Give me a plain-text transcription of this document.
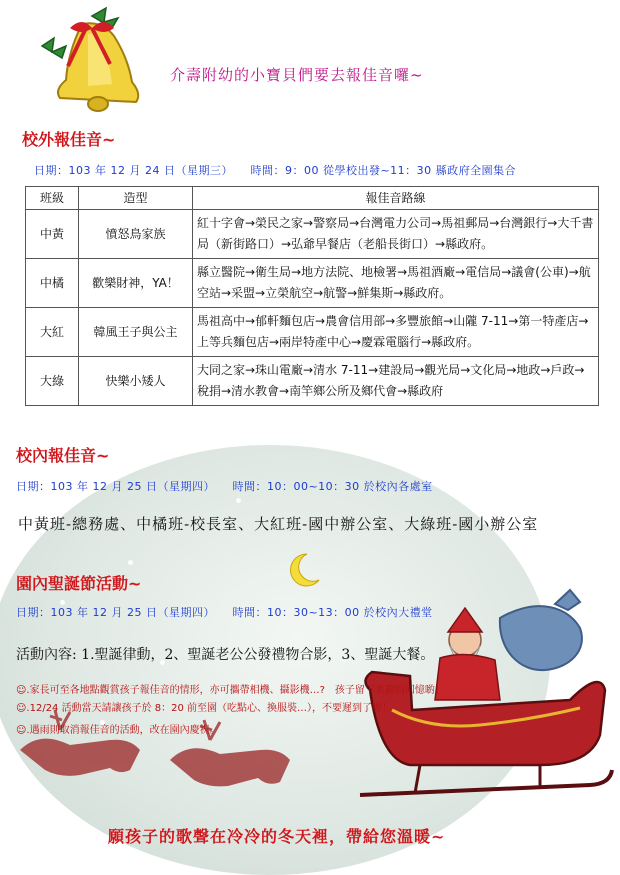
介壽附幼的小寶貝們要去報佳音囉~
校外報佳音~
日期：103 年 12 月 24 日（星期三）　　時間：9：00 從學校出發~11：30 縣政府全園集合
班級	造型	報佳音路線
中黃	憤怒鳥家族	紅十字會→榮民之家→警察局→台灣電力公司→馬祖郵局→台灣銀行→大千書局（新街路口）→弘爺早餐店（老船長街口）→縣政府。
中橘	歡樂財神，YA！	縣立醫院→衛生局→地方法院、地檢署→馬祖酒廠→電信局→議會(公車)→航空站→采盟→立榮航空→航警→鮮集斯→縣政府。
大紅	韓風王子與公主	馬祖高中→郁軒麵包店→農會信用部→多豐旅館→山隴 7-11→第一特產店→上等兵麵包店→兩岸特產中心→慶霖電腦行→縣政府。
大綠	快樂小矮人	大同之家→珠山電廠→清水 7-11→建設局→觀光局→文化局→地政→戶政→稅捐→清水教會→南竿鄉公所及鄉代會→縣政府
校內報佳音~
日期：103 年 12 月 25 日（星期四）　　時間：10：00~10：30 於校內各處室
中黃班-總務處、中橘班-校長室、大紅班-國中辦公室、大綠班-國小辦公室
園內聖誕節活動~
日期：103 年 12 月 25 日（星期四）　　時間：10：30~13：00 於校內大禮堂
活動內容: 1.聖誕律動，2、聖誕老公公發禮物合影，3、聖誕大餐。
☺.家長可至各地點觀賞孩子報佳音的情形，亦可攜帶相機、攝影機…?　孩子留下美麗的回憶喲！
☺.12/24 活動當天請讓孩子於 8：20 前至園（吃點心、換服裝…），不要遲到了喔！
☺.遇雨則取消報佳音的活動，改在園內慶祝。
願孩子的歌聲在冷冷的冬天裡，帶給您溫暖~
